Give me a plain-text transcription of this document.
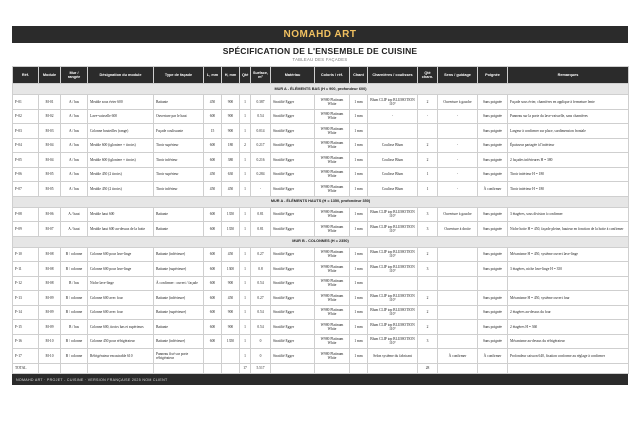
NOMAHD ART
SPÉCIFICATION DE L'ENSEMBLE DE CUISINE
TABLEAU DES FAÇADES
Réf.	Module	Mur / rangée	Désignation du module	Type de façade	L, mm	H, mm	Qté	Surface, m²	Matériau	Coloris / réf.	Chant	Charnières / coulisses	Qté charn.	Sens / guidage	Poignée	Remarques
MUR A - ÉLÉMENTS BAS (H = 900, profondeur 600)																
F-01	M-01	A / bas	Meuble sous évier 600	Battante	450	900	1	0.387	Stratifié Egger	W980 Platinum White	1 mm	Blum CLIP top BLUMOTION 110°	2	Ouverture à gauche	Sans poignée	Façade sous évier, charnières en applique à fermeture lente
F-02	M-02	A / bas	Lave-vaisselle 600	Ouverture par le haut	600	900	1	0.54	Stratifié Egger	W980 Platinum White	1 mm	-	-	-	Sans poignée	Panneau sur la porte du lave-vaisselle, sans charnières
F-03	M-03	A / bas	Colonne bouteilles (range)	Façade coulissante	15	900	1	0.014	Stratifié Egger	W980 Platinum White	1 mm				Sans poignée	Largeur à confirmer sur place, surdimension frontale
F-04	M-04	A / bas	Meuble 600 (igloniere + tiroirs)	Tiroir supérieur	600	180	2	0.217	Stratifié Egger	W980 Platinum White	1 mm	Coulisse Blum	2	-	Sans poignée	Épaisseur partagée à l'intérieur
F-05	M-04	A / bas	Meuble 600 (igloniere + tiroirs)	Tiroir inférieur	600	380	1	0.216	Stratifié Egger	W980 Platinum White	1 mm	Coulisse Blum	2	-	Sans poignée	2 façades inférieures H = 380
F-06	M-05	A / bas	Meuble 450 (2 tiroirs)	Tiroir supérieur	450	630	1	0.284	Stratifié Egger	W980 Platinum White	1 mm	Coulisse Blum	1	-	Sans poignée	Tiroir intérieur H = 180
F-07	M-05	A / bas	Meuble 450 (2 tiroirs)	Tiroir inférieur	450	450	1	-	Stratifié Egger	W980 Platinum White	1 mm	Coulisse Blum	1	-	À confirmer	Tiroir intérieur H = 180
MUR A - ÉLÉMENTS HAUTS (H = 1350, profondeur 350)																
F-08	M-06	A / haut	Meuble haut 600	Battante	600	1350	1	0.81	Stratifié Egger	W980 Platinum White	1 mm	Blum CLIP top BLUMOTION 110°	3	Ouverture à gauche	Sans poignée	3 étagères, sous division à confirmer
F-09	M-07	A / haut	Meuble haut 600 au-dessus de la hotte	Battante	600	1350	1	0.81	Stratifié Egger	W980 Platinum White	1 mm	Blum CLIP top BLUMOTION 110°	3	Ouverture à droite	Sans poignée	Niche hotte H = 450, façade pleine, hauteur en fonction de la hotte à confirmer
MUR B - COLONNES (H = 2350)																
F-10	M-08	B / colonne	Colonne 600 pour lave-linge	Battante (inférieure)	600	450	1	0.27	Stratifié Egger	W980 Platinum White	1 mm	Blum CLIP top BLUMOTION 110°	2		Sans poignée	Mécanisme H = 450, système ouvert lave-linge
F-11	M-08	B / colonne	Colonne 600 pour lave-linge	Battante (supérieure)	600	1300	1	0.8	Stratifié Egger	W980 Platinum White	1 mm	Blum CLIP top BLUMOTION 110°	3		Sans poignée	3 étagères, niche lave-linge H = 350
F-12	M-08	B / bas	Niche lave-linge	À confirmer : ouvert / façade	600	900	1	0.54	Stratifié Egger	W980 Platinum White	1 mm					
F-13	M-09	B / colonne	Colonne 600 avec four	Battante (inférieure)	600	450	1	0.27	Stratifié Egger	W980 Platinum White	1 mm	Blum CLIP top BLUMOTION 110°	2		Sans poignée	Mécanisme H = 450, système ouvert four
F-14	M-09	B / colonne	Colonne 600 avec four	Battante (supérieure)	600	900	1	0.54	Stratifié Egger	W980 Platinum White	1 mm	Blum CLIP top BLUMOTION 110°	2		Sans poignée	2 étagères au-dessus du four
F-15	M-09	B / bas	Colonne 600, tiroirs bas et supérieurs	Battante	600	900	1	0.54	Stratifié Egger	W980 Platinum White	1 mm	Blum CLIP top BLUMOTION 110°	2		Sans poignée	2 étagères H = 360
F-16	M-10	B / colonne	Colonne 450 pour réfrigérateur	Battante (inférieure)	600	1350	1	0	Stratifié Egger	W980 Platinum White	1 mm	Blum CLIP top BLUMOTION 110°	3		Sans poignée	Mécanisme au-dessus du réfrigérateur
F-17	M-10	B / colonne	Réfrigérateur encastrable 610	Panneau fixé sur porte réfrigérateur			1	0	Stratifié Egger	W980 Platinum White	1 mm	Selon système du fabricant		À confirmer	À confirmer	Profondeur caisson 640, fixation conforme au réglage à confirmer
TOTAL							17	5.517					28			
NOMAHD ART · PROJET - CUISINE · VERSION FRANÇAISE 2025 NOM CLIENT
